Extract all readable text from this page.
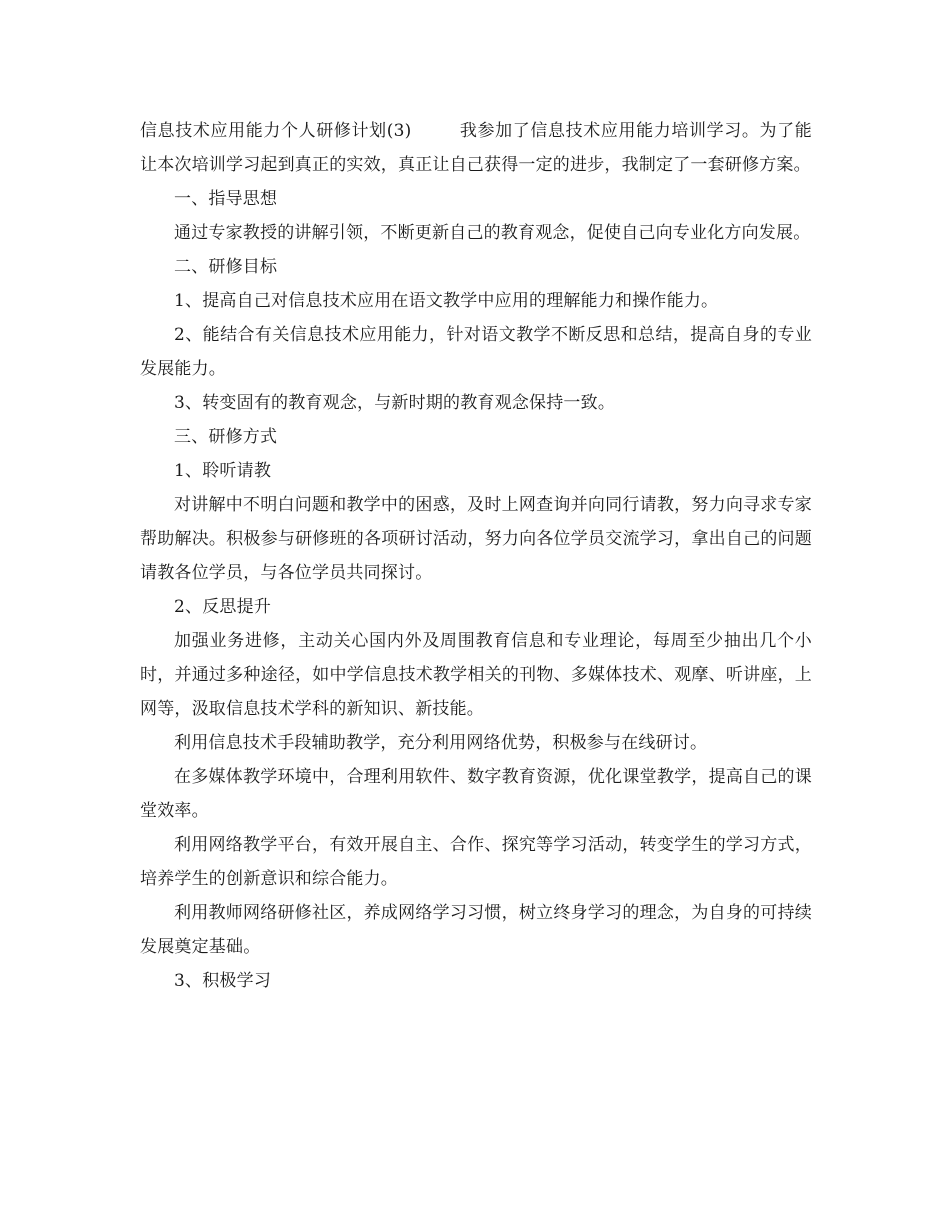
信息技术应用能力个人研修计划(3)	我参加了信息技术应用能力培训学习。为了能让本次培训学习起到真正的实效，真正让自己获得一定的进步，我制定了一套研修方案。

一、指导思想

通过专家教授的讲解引领，不断更新自己的教育观念，促使自己向专业化方向发展。

二、研修目标

1、提高自己对信息技术应用在语文教学中应用的理解能力和操作能力。

2、能结合有关信息技术应用能力，针对语文教学不断反思和总结，提高自身的专业发展能力。

3、转变固有的教育观念，与新时期的教育观念保持一致。

三、研修方式

1、聆听请教

对讲解中不明白问题和教学中的困惑，及时上网查询并向同行请教，努力向寻求专家帮助解决。积极参与研修班的各项研讨活动，努力向各位学员交流学习，拿出自己的问题请教各位学员，与各位学员共同探讨。

2、反思提升

加强业务进修，主动关心国内外及周围教育信息和专业理论，每周至少抽出几个小时，并通过多种途径，如中学信息技术教学相关的刊物、多媒体技术、观摩、听讲座，上网等，汲取信息技术学科的新知识、新技能。

利用信息技术手段辅助教学，充分利用网络优势，积极参与在线研讨。

在多媒体教学环境中，合理利用软件、数字教育资源，优化课堂教学，提高自己的课堂效率。

利用网络教学平台，有效开展自主、合作、探究等学习活动，转变学生的学习方式，培养学生的创新意识和综合能力。

利用教师网络研修社区，养成网络学习习惯，树立终身学习的理念，为自身的可持续发展奠定基础。

3、积极学习
